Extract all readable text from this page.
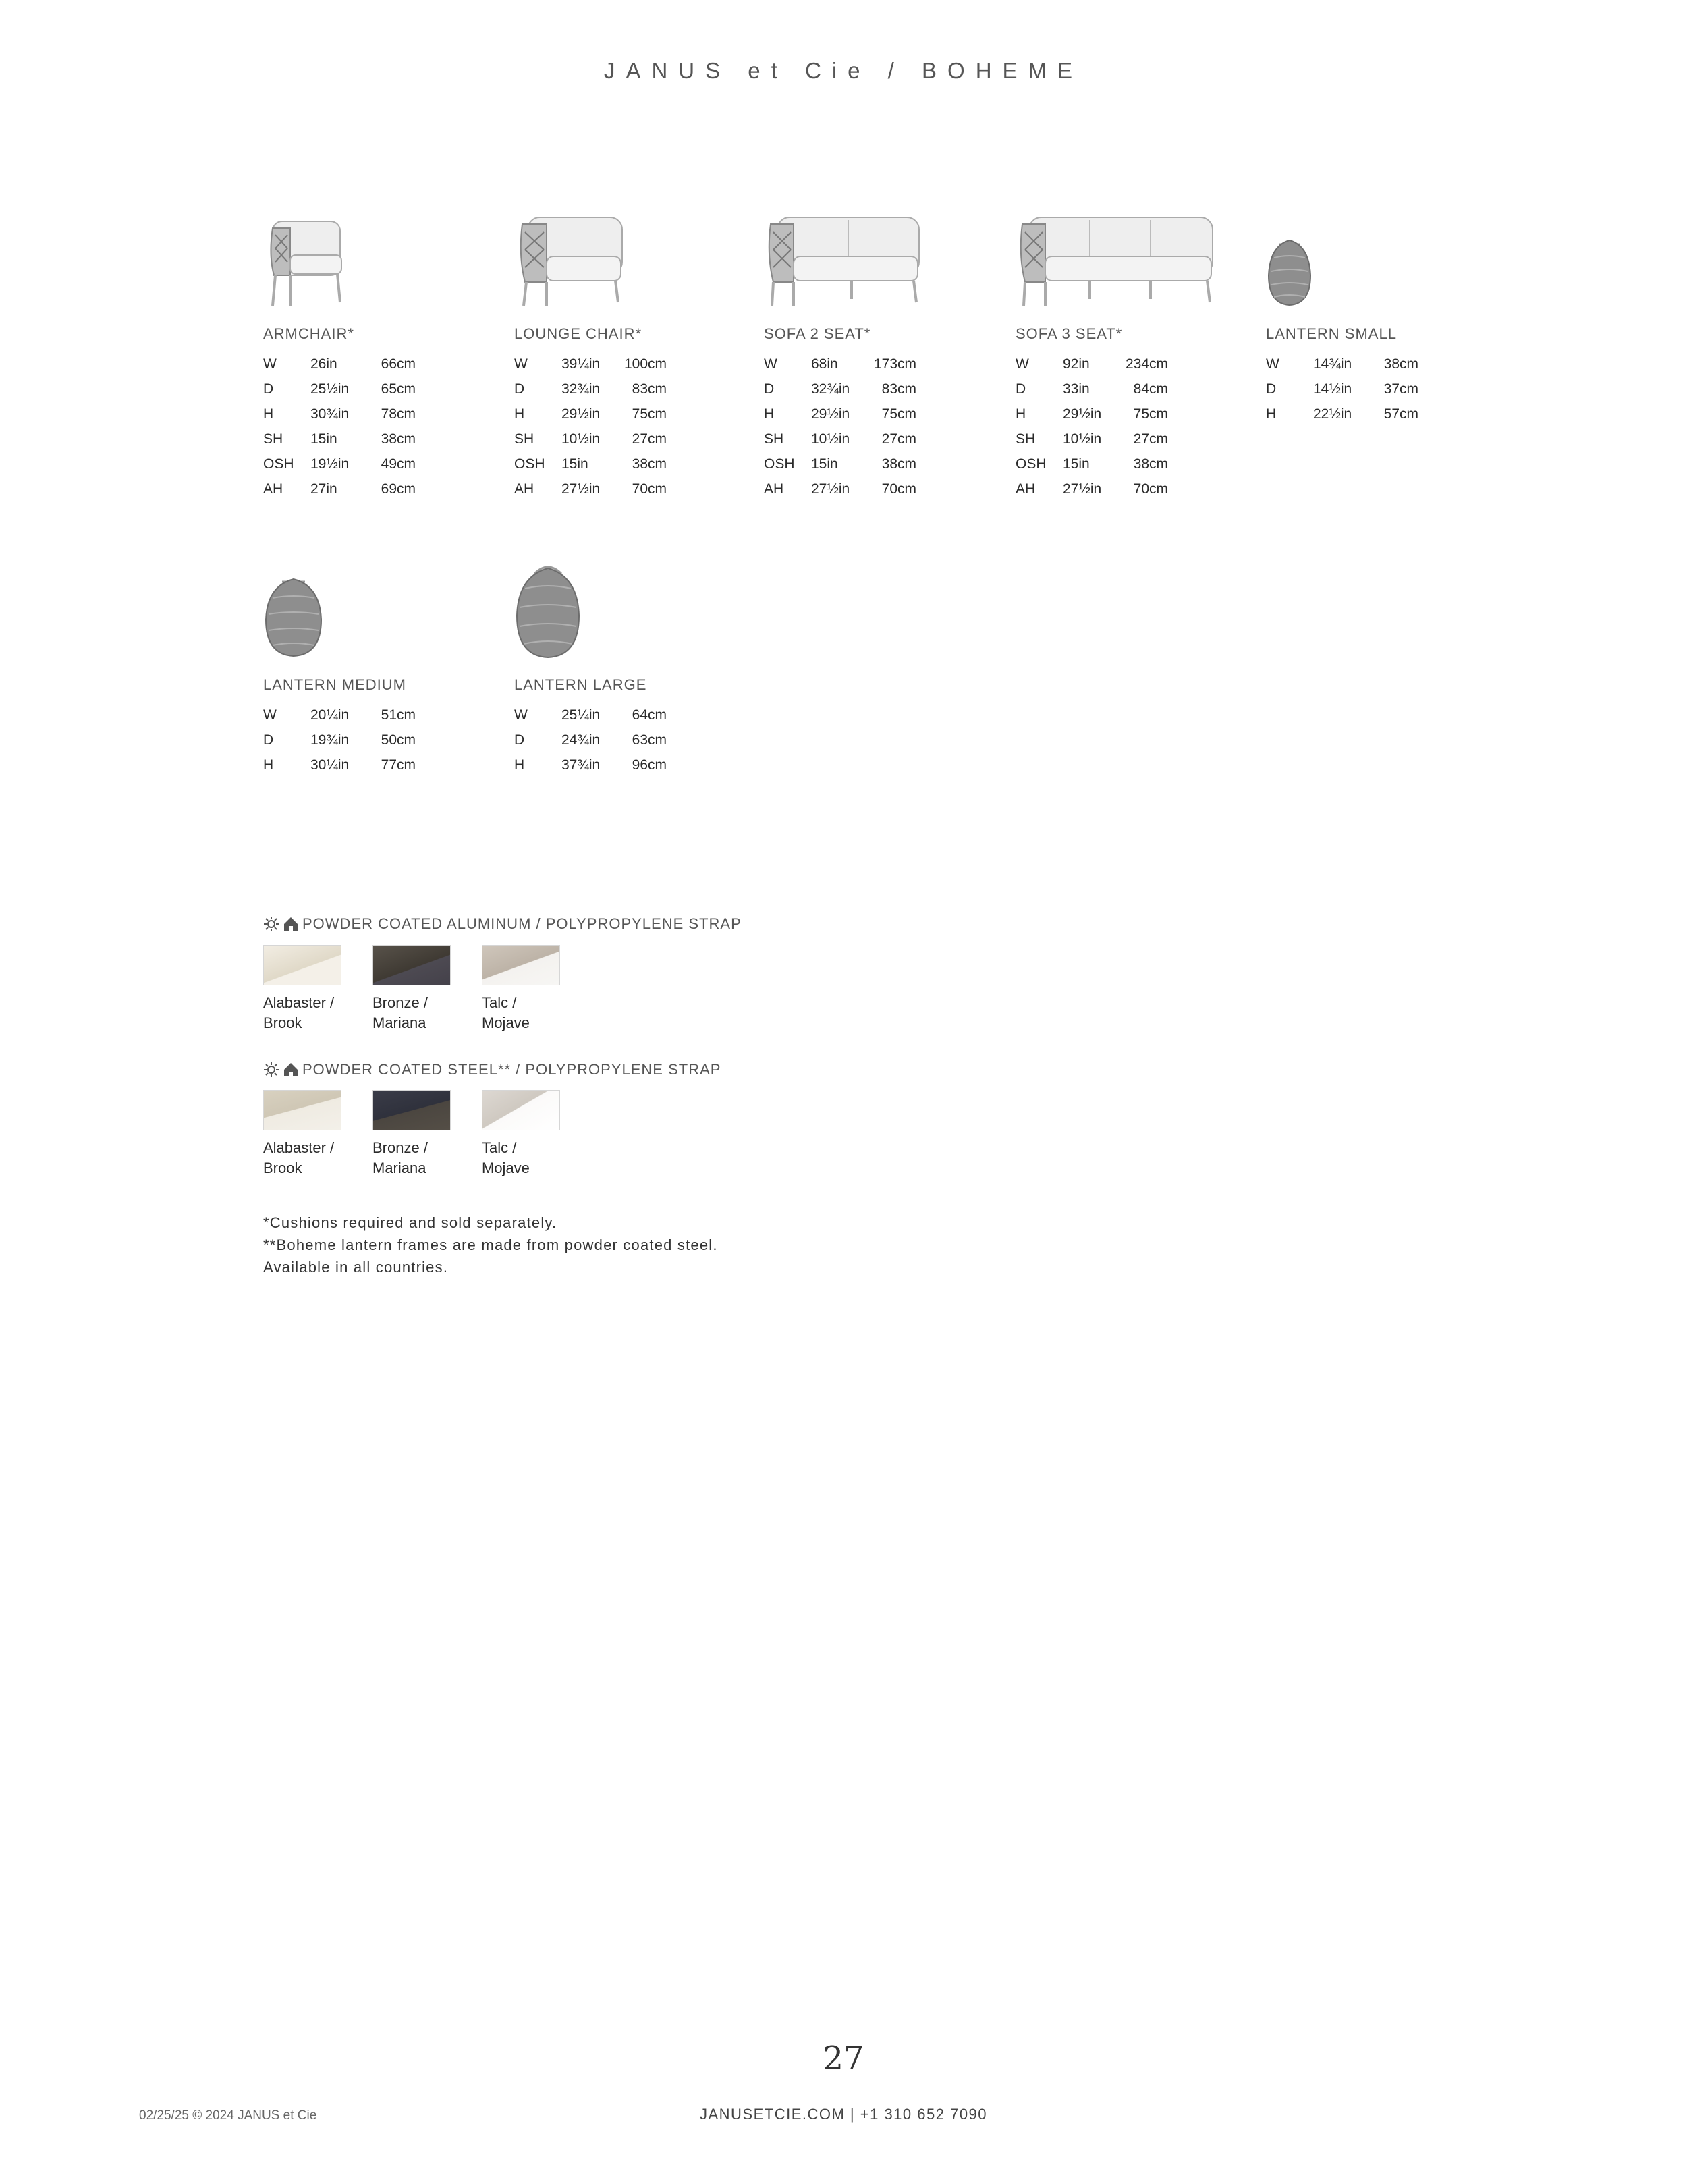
JANUS et Cie / BOHEME
ARMCHAIR*
W 26in	66cm
D	25½in	65cm
H	30¾in	78cm
SH 15in	38cm
OSH 19½in	49cm
AH 27in	69cm
LOUNGE CHAIR*
W 39¼in	100cm
D	32¾in	83cm
H	29½in	75cm
SH 10½in	27cm
OSH 15in	38cm
AH 27½in	70cm
SOFA 2 SEAT*
W 68in	173cm
D	32¾in	83cm
H	29½in	75cm
SH 10½in	27cm
OSH 15in	38cm
AH 27½in	70cm
SOFA 3 SEAT*
W 92in	234cm
D	33in	84cm
H	29½in	75cm
SH 10½in	27cm
OSH 15in	38cm
AH 27½in	70cm
LANTERN SMALL
W 14¾in	38cm
D	14½in	37cm
H	22½in	57cm
LANTERN MEDIUM
W 20¼in	51cm
D	19¾in	50cm
H	30¼in	77cm
LANTERN LARGE
W 25¼in	64cm
D	24¾in	63cm
H	37¾in	96cm
POWDER COATED ALUMINUM / POLYPROPYLENE STRAP
Alabaster /
Brook
Bronze /
Mariana
Talc /
Mojave
POWDER COATED STEEL** / POLYPROPYLENE STRAP
Alabaster /
Brook
Bronze /
Mariana
Talc /
Mojave
*Cushions required and sold separately.
**Boheme lantern frames are made from powder coated steel.
Available in all countries.
27
02/25/25 © 2024 JANUS et Cie	JANUSETCIE.COM | +1 310 652 7090
